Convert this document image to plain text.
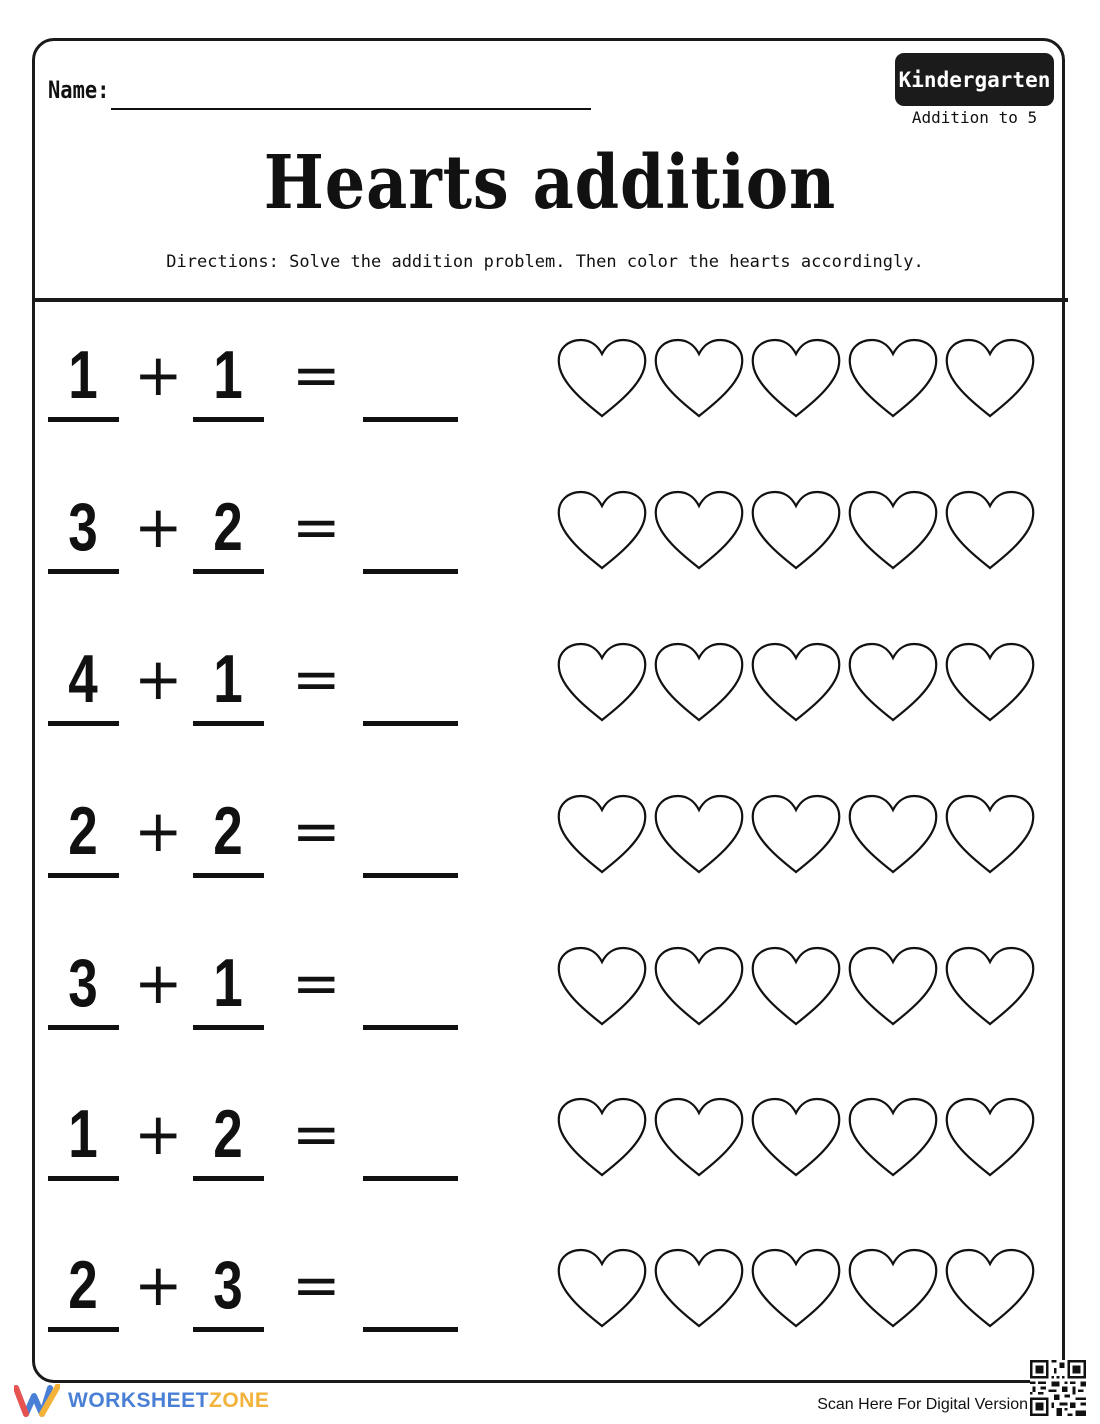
Name:	Kindergarten
Addition to 5
Hearts addition
Directions: Solve the addition problem. Then color the hearts accordingly.
1 + 1 =
3 + 2 =
4 + 1 =
2 + 2 =
3 + 1 =
1 + 2 =
2 + 3 =
WORKSHEETZONE	Scan Here For Digital Version
